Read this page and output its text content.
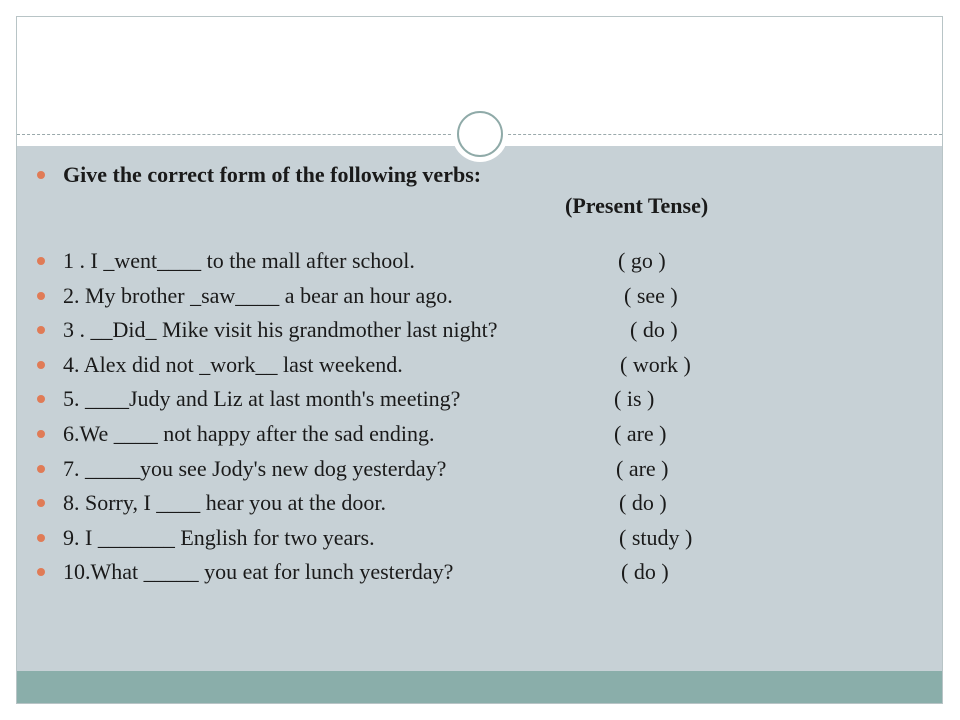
Give the correct form of the following verbs:
(Present Tense)
1 . I _went____ to the mall after school.	( go )
2. My brother _saw____ a bear an hour ago.	( see )
3 . __Did_ Mike visit his grandmother last night?	( do )
4. Alex did not _work__ last weekend.	( work )
5. ____Judy and Liz at last month's meeting?	( is )
6.We ____ not happy after the sad ending.	( are )
7. _____you see Jody's new dog yesterday?	( are )
8. Sorry, I ____ hear you at the door.	( do )
9. I _______ English for two years.	( study )
10.What _____ you eat for lunch yesterday?	( do )
